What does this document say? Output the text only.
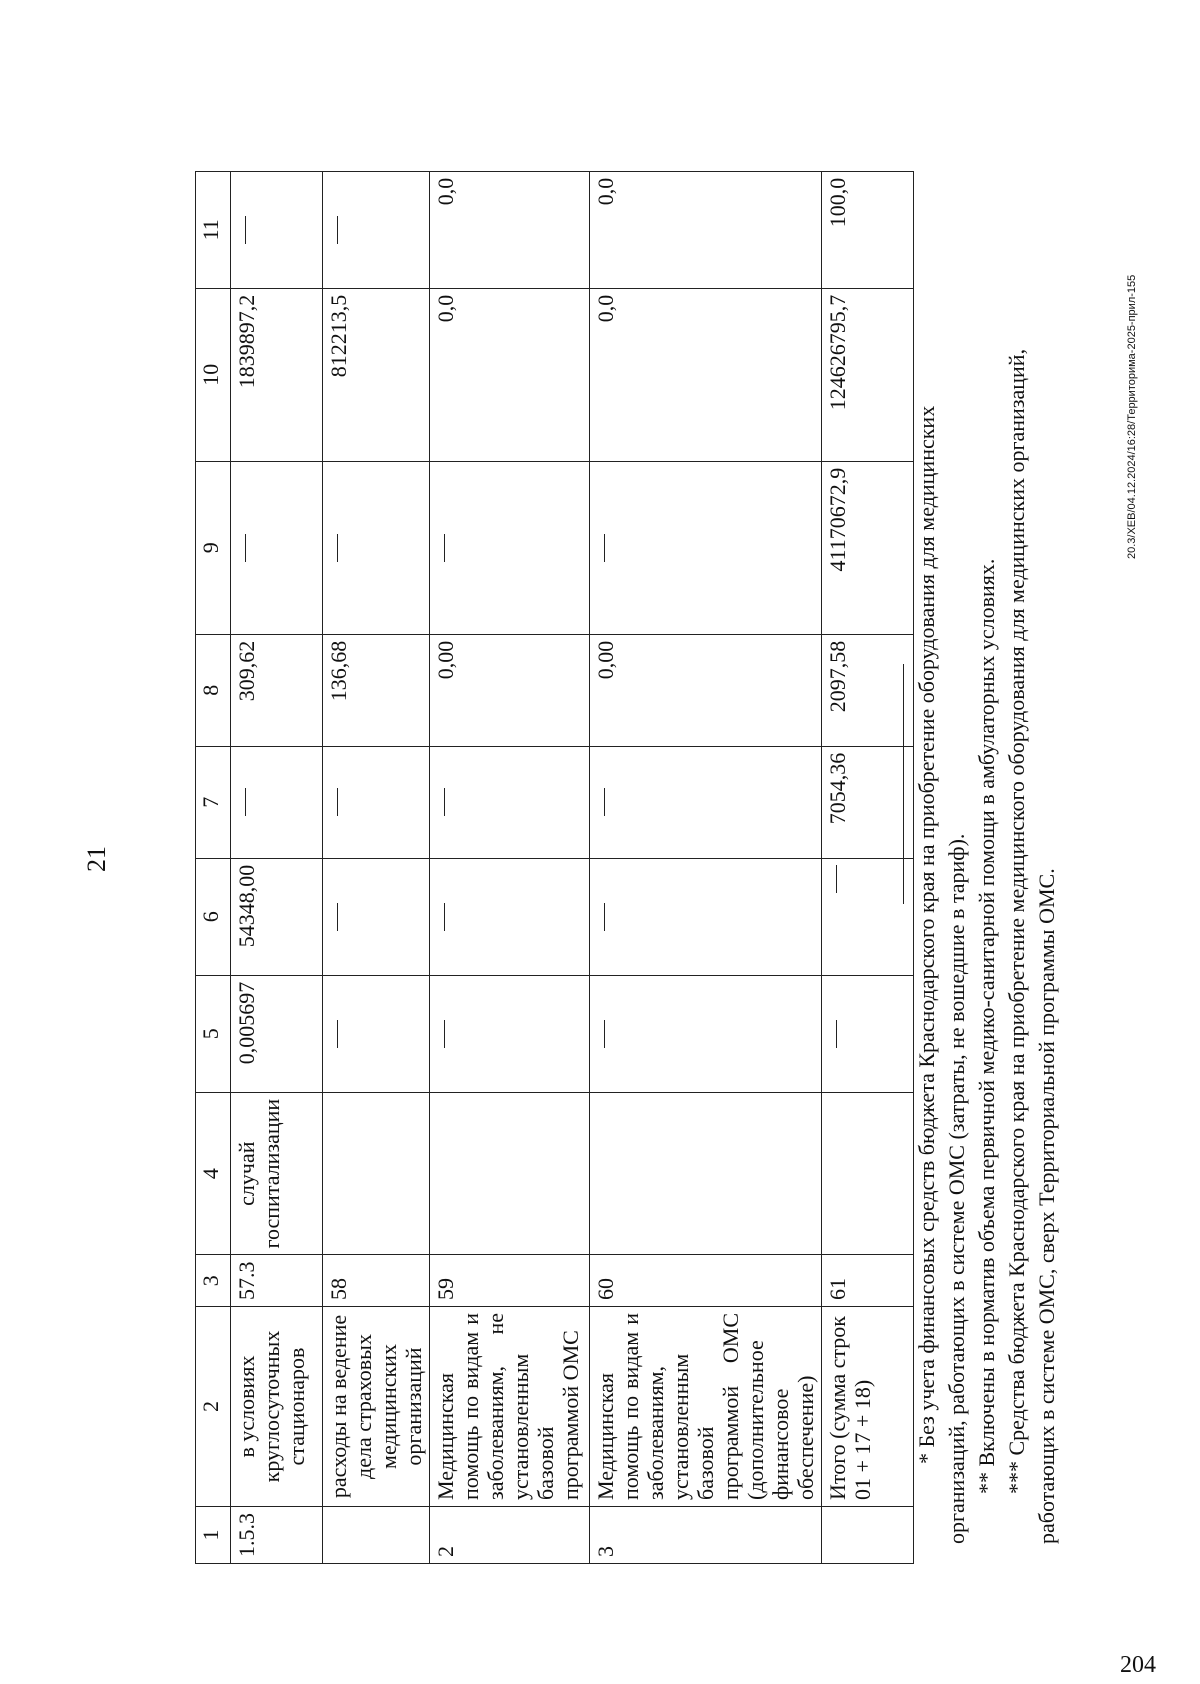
21
1	2	3	4	5	6	7	8	9	10	11
1.5.3	в условиях круглосуточных стационаров	57.3	случай госпитализации	0,005697	54348,00		309,62		1839897,2	
	расходы на ведение дела страховых медицинских организаций	58					136,68		812213,5	
2	Медицинская помощь по видам и заболеваниям, не установленным базовой программой ОМС	59					0,00		0,0	0,0
3	Медицинская помощь по видам и заболеваниям, установленным базовой программой ОМС (дополнительное финансовое обеспечение)	60					0,00		0,0	0,0
	Итого (сумма строк 01 + 17 + 18)	61				7054,36	2097,58	41170672,9	124626795,7	100,0

* Без учета финансовых средств бюджета Краснодарского края на приобретение оборудования для медицинских организаций, работающих в системе ОМС (затраты, не вошедшие в тариф). ** Включены в норматив объема первичной медико-санитарной помощи в амбулаторных условиях. *** Средства бюджета Краснодарского края на приобретение медицинского оборудования для медицинских организаций, работающих в системе ОМС, сверх Территориальной программы ОМС.

20.3/ХЕВ/04.12.2024/16:28/Территорима-2025-прил-155
204
